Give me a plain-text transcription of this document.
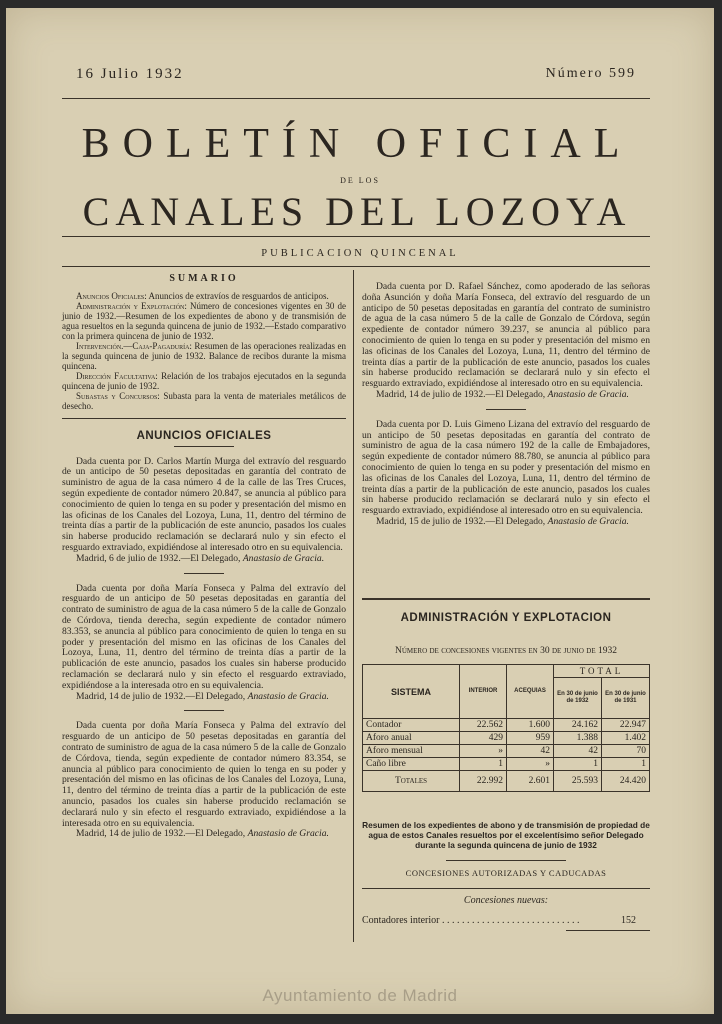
16 Julio 1932	Número 599
BOLETÍN OFICIAL
DE LOS
CANALES DEL LOZOYA
PUBLICACION QUINCENAL
SUMARIO

Anuncios Oficiales: Anuncios de extravíos de resguardos de anticipos.

Administración y Explotación: Número de concesiones vigentes en 30 de junio de 1932.—Resumen de los expedientes de abono y de transmisión de agua resueltos en la segunda quincena de junio de 1932.—Estado comparativo con la primera quincena de junio de 1932.

Intervención.—Caja-Pagaduría: Resumen de las operaciones realizadas en la segunda quincena de junio de 1932. Balance de recibos durante la misma quincena.

Dirección Facultativa: Relación de los trabajos ejecutados en la segunda quincena de junio de 1932.

Subastas y Concursos: Subasta para la venta de materiales metálicos de desecho.

ANUNCIOS OFICIALES

Dada cuenta por D. Carlos Martín Murga del extravío del resguardo de un anticipo de 50 pesetas depositadas en garantía del contrato de suministro de agua de la casa número 4 de la calle de las Tres Cruces, según expediente de contador número 20.847, se anuncia al público para conocimiento de quien lo tenga en su poder y presentación del mismo en las oficinas de los Canales del Lozoya, Luna, 11, dentro del término de treinta días a partir de la publicación de este anuncio, pasados los cuales sin haberse producido reclamación se declarará nulo y sin efecto el resguardo extraviado, expidiéndose al interesado otro en su equivalencia.

Madrid, 6 de julio de 1932.—El Delegado, Anastasio de Gracia.

Dada cuenta por doña María Fonseca y Palma del extravío del resguardo de un anticipo de 50 pesetas depositadas en garantía del contrato de suministro de agua de la casa número 5 de la calle de Gonzalo de Córdova, tienda derecha, según expediente de contador número 83.353, se anuncia al público para conocimiento de quien lo tenga en su poder y presentación del mismo en las oficinas de los Canales del Lozoya, Luna, 11, dentro del término de treinta días a partir de la publicación de este anuncio, pasados los cuales sin haberse producido reclamación se declarará nulo y sin efecto el resguardo extraviado, expidiéndose a la interesada otro en su equivalencia.

Madrid, 14 de julio de 1932.—El Delegado, Anastasio de Gracia.

Dada cuenta por doña María Fonseca y Palma del extravío del resguardo de un anticipo de 50 pesetas depositadas en garantía del contrato de suministro de agua de la casa número 5 de la calle de Gonzalo de Córdova, tienda, según expediente de contador número 83.354, se anuncia al público para conocimiento de quien lo tenga en su poder y presentación del mismo en las oficinas de los Canales del Lozoya, Luna, 11, dentro del término de treinta días a partir de la publicación de este anuncio, pasados los cuales sin haberse producido reclamación se declarará nulo y sin efecto el resguardo extraviado, expidiéndose a la interesada otro en su equivalencia.

Madrid, 14 de julio de 1932.—El Delegado, Anastasio de Gracia.

Dada cuenta por D. Rafael Sánchez, como apoderado de las señoras doña Asunción y doña María Fonseca, del extravío del resguardo de un anticipo de 50 pesetas depositadas en garantía del contrato de suministro de agua de la casa número 5 de la calle de Gonzalo de Córdova, según expediente de contador número 39.237, se anuncia al público para conocimiento de quien lo tenga en su poder y presentación del mismo en las oficinas de los Canales del Lozoya, Luna, 11, dentro del término de treinta días a partir de la publicación de este anuncio, pasados los cuales sin haberse producido reclamación se declarará nulo y sin efecto el resguardo extraviado, expidiéndose al interesado otro en su equivalencia.

Madrid, 14 de julio de 1932.—El Delegado, Anastasio de Gracia.

Dada cuenta por D. Luis Gimeno Lizana del extravío del resguardo de un anticipo de 50 pesetas depositadas en garantía del contrato de suministro de agua de la casa número 192 de la calle de Embajadores, según expediente de contador número 88.780, se anuncia al público para conocimiento de quien lo tenga en su poder y presentación del mismo en las oficinas de los Canales del Lozoya, Luna, 11, dentro del término de treinta días a partir de la publicación de este anuncio, pasados los cuales sin haberse producido reclamación se declarará nulo y sin efecto el resguardo extraviado, expidiéndose al interesado otro en su equivalencia.

Madrid, 15 de julio de 1932.—El Delegado, Anastasio de Gracia.

ADMINISTRACIÓN Y EXPLOTACION
Número de concesiones vigentes en 30 de junio de 1932
SISTEMA	INTERIOR	ACEQUIAS	TOTAL	
			En 30 de junio de 1932	En 30 de junio de 1931
Contador	22.562	1.600	24.162	22.947
Aforo anual	429	959	1.388	1.402
Aforo mensual	»	42	42	70
Caño libre	1	»	1	1
Totales	22.992	2.601	25.593	24.420
Resumen de los expedientes de abono y de transmisión de propiedad de agua de estos Canales resueltos por el excelentísimo señor Delegado durante la segunda quincena de junio de 1932
CONCESIONES AUTORIZADAS Y CADUCADAS
Concesiones nuevas:
Contadores interior . . . . . . . . . . . . . . . . . . . . . . . . . . . .	152
Ayuntamiento de Madrid
